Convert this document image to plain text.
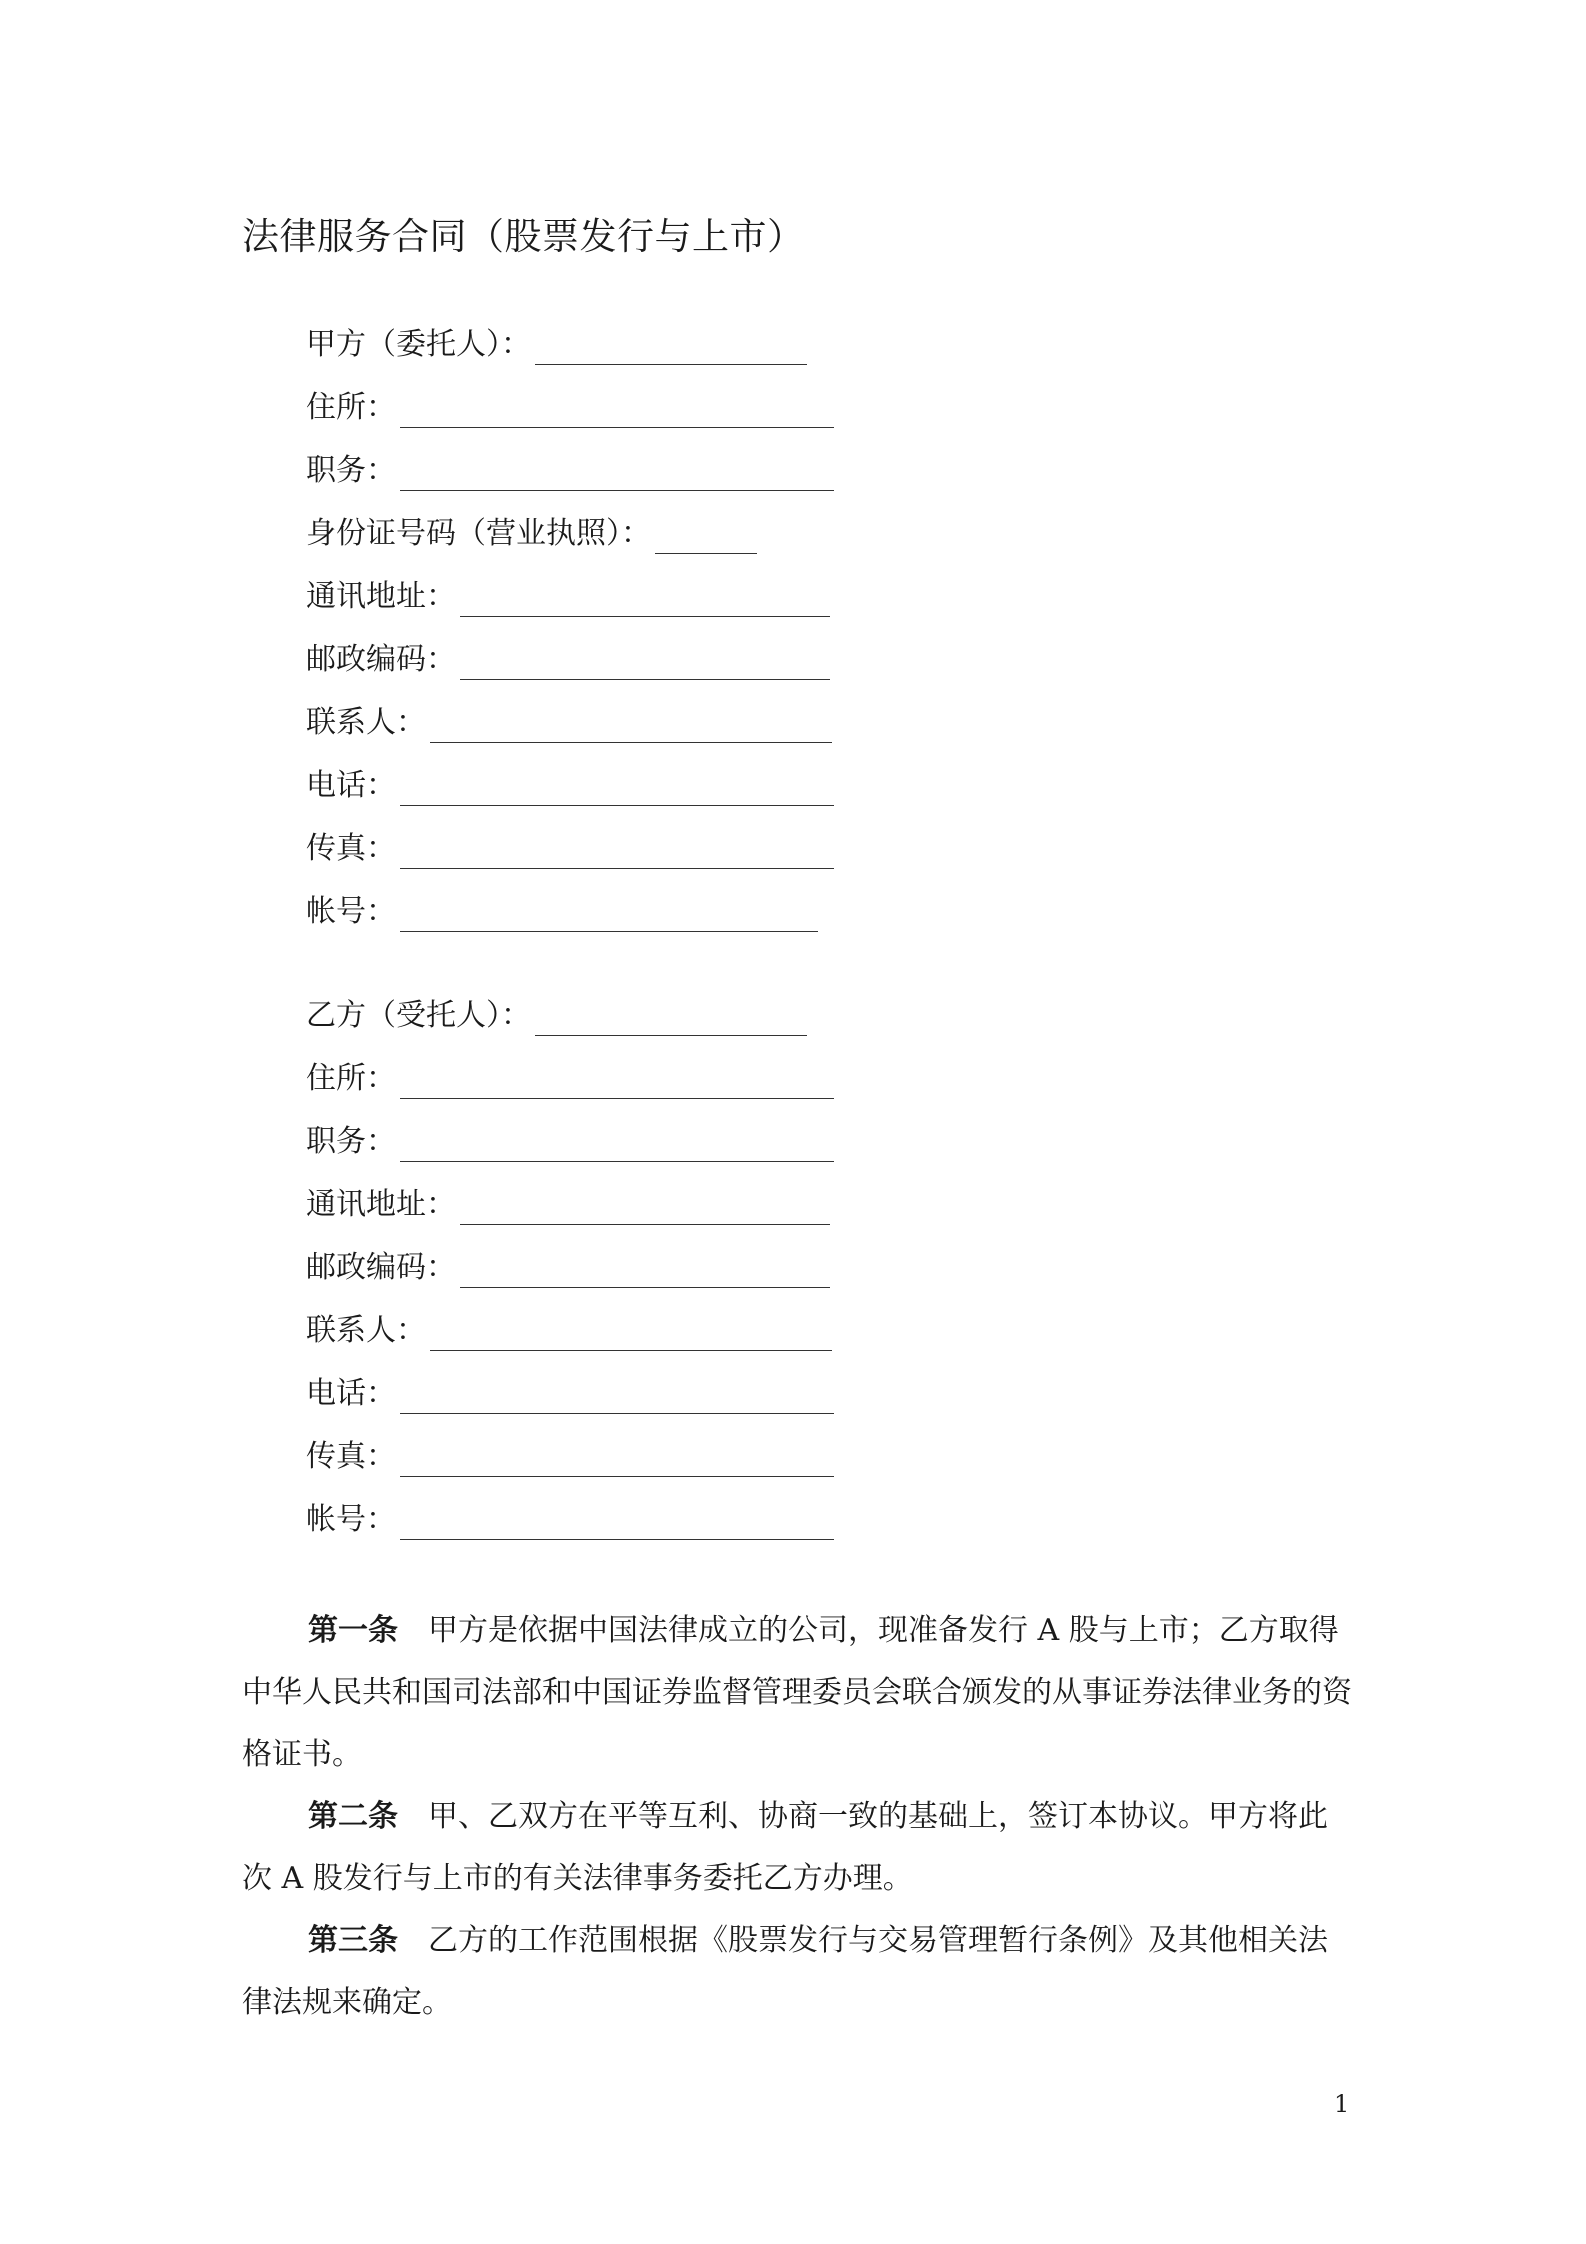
法律服务合同（股票发行与上市）
甲方（委托人）：
住所：
职务：
身份证号码（营业执照）：
通讯地址：
邮政编码：
联系人：
电话：
传真：
帐号：
乙方（受托人）：
住所：
职务：
通讯地址：
邮政编码：
联系人：
电话：
传真：
帐号：
第一条 甲方是依据中国法律成立的公司，现准备发行 A 股与上市；乙方取得中华人民共和国司法部和中国证券监督管理委员会联合颁发的从事证券法律业务的资格证书。
第二条 甲、乙双方在平等互利、协商一致的基础上，签订本协议。甲方将此次 A 股发行与上市的有关法律事务委托乙方办理。
第三条 乙方的工作范围根据《股票发行与交易管理暂行条例》及其他相关法律法规来确定。
1
